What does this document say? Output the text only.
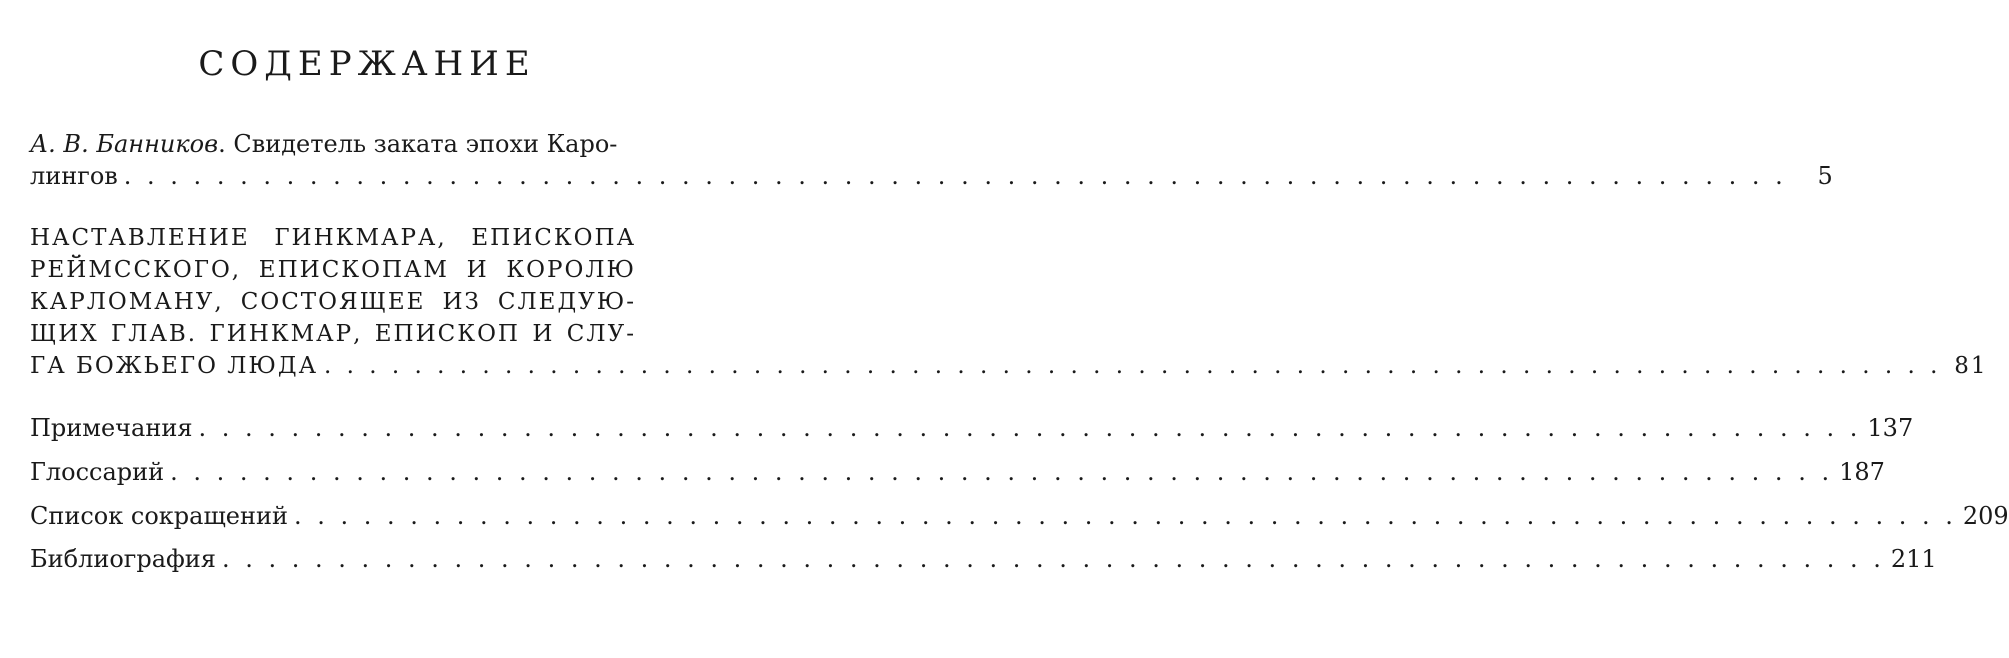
СОДЕРЖАНИЕ
А. В. Банников. Свидетель заката эпохи Каро-
лингов . . . . . . . . . . . . . . . . . . . . . . . . . . . . . . . . . . . . . . . . . . . . . . . . . . . . . . . . . . . . . . . . . . . . . . . .	5
НАСТАВЛЕНИЕ ГИНКМАРА, ЕПИСКОПА
РЕЙМССКОГО, ЕПИСКОПАМ И КОРОЛЮ
КАРЛОМАНУ, СОСТОЯЩЕЕ ИЗ СЛЕДУЮ-
ЩИХ ГЛАВ. ГИНКМАР, ЕПИСКОП И СЛУ-
ГА БОЖЬЕГО ЛЮДА . . . . . . . . . . . . . . . . . . . . . . . . . . . . . . . . . . . . . . . . . . . . . . . . . . . . . . . . . . . . . . . . . . . . . . . . 81
Примечания . . . . . . . . . . . . . . . . . . . . . . . . . . . . . . . . . . . . . . . . . . . . . . . . . . . . . . . . . . . . . . . . . . . . . . . . 137
Глоссарий . . . . . . . . . . . . . . . . . . . . . . . . . . . . . . . . . . . . . . . . . . . . . . . . . . . . . . . . . . . . . . . . . . . . . . . . 187
Список сокращений . . . . . . . . . . . . . . . . . . . . . . . . . . . . . . . . . . . . . . . . . . . . . . . . . . . . . . . . . . . . . . . . . . . . . . . . 209
Библиография . . . . . . . . . . . . . . . . . . . . . . . . . . . . . . . . . . . . . . . . . . . . . . . . . . . . . . . . . . . . . . . . . . . . . . . . 211
